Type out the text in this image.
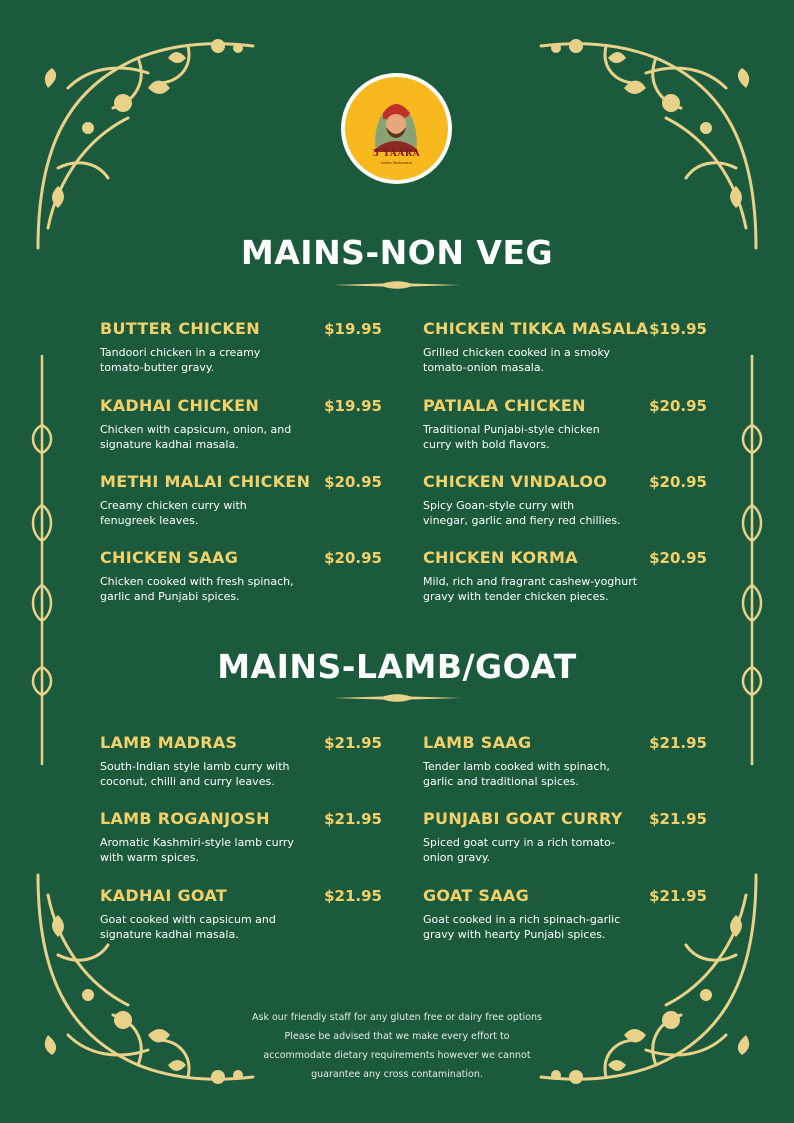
5 TAARA
Indian Restaurant
MAINS-NON VEG
BUTTER CHICKEN	$19.95
Tandoori chicken in a creamy
tomato-butter gravy.
CHICKEN TIKKA MASALA $19.95
Grilled chicken cooked in a smoky
tomato-onion masala.
KADHAI CHICKEN	$19.95
Chicken with capsicum, onion, and
signature kadhai masala.
PATIALA CHICKEN	$20.95
Traditional Punjabi-style chicken
curry with bold flavors.
METHI MALAI CHICKEN $20.95
Creamy chicken curry with
fenugreek leaves.
CHICKEN VINDALOO	$20.95
Spicy Goan-style curry with
vinegar, garlic and fiery red chillies.
CHICKEN SAAG	$20.95
Chicken cooked with fresh spinach,
garlic and Punjabi spices.
CHICKEN KORMA	$20.95
Mild, rich and fragrant cashew-yoghurt
gravy with tender chicken pieces.
MAINS-LAMB/GOAT
LAMB MADRAS	$21.95
South-Indian style lamb curry with
coconut, chilli and curry leaves.
LAMB SAAG	$21.95
Tender lamb cooked with spinach,
garlic and traditional spices.
LAMB ROGANJOSH	$21.95
Aromatic Kashmiri-style lamb curry
with warm spices.
PUNJABI GOAT CURRY $21.95
Spiced goat curry in a rich tomato-
onion gravy.
KADHAI GOAT	$21.95
Goat cooked with capsicum and
signature kadhai masala.
GOAT SAAG	$21.95
Goat cooked in a rich spinach-garlic
gravy with hearty Punjabi spices.
Ask our friendly staff for any gluten free or dairy free options
Please be advised that we make every effort to
accommodate dietary requirements however we cannot
guarantee any cross contamination.
